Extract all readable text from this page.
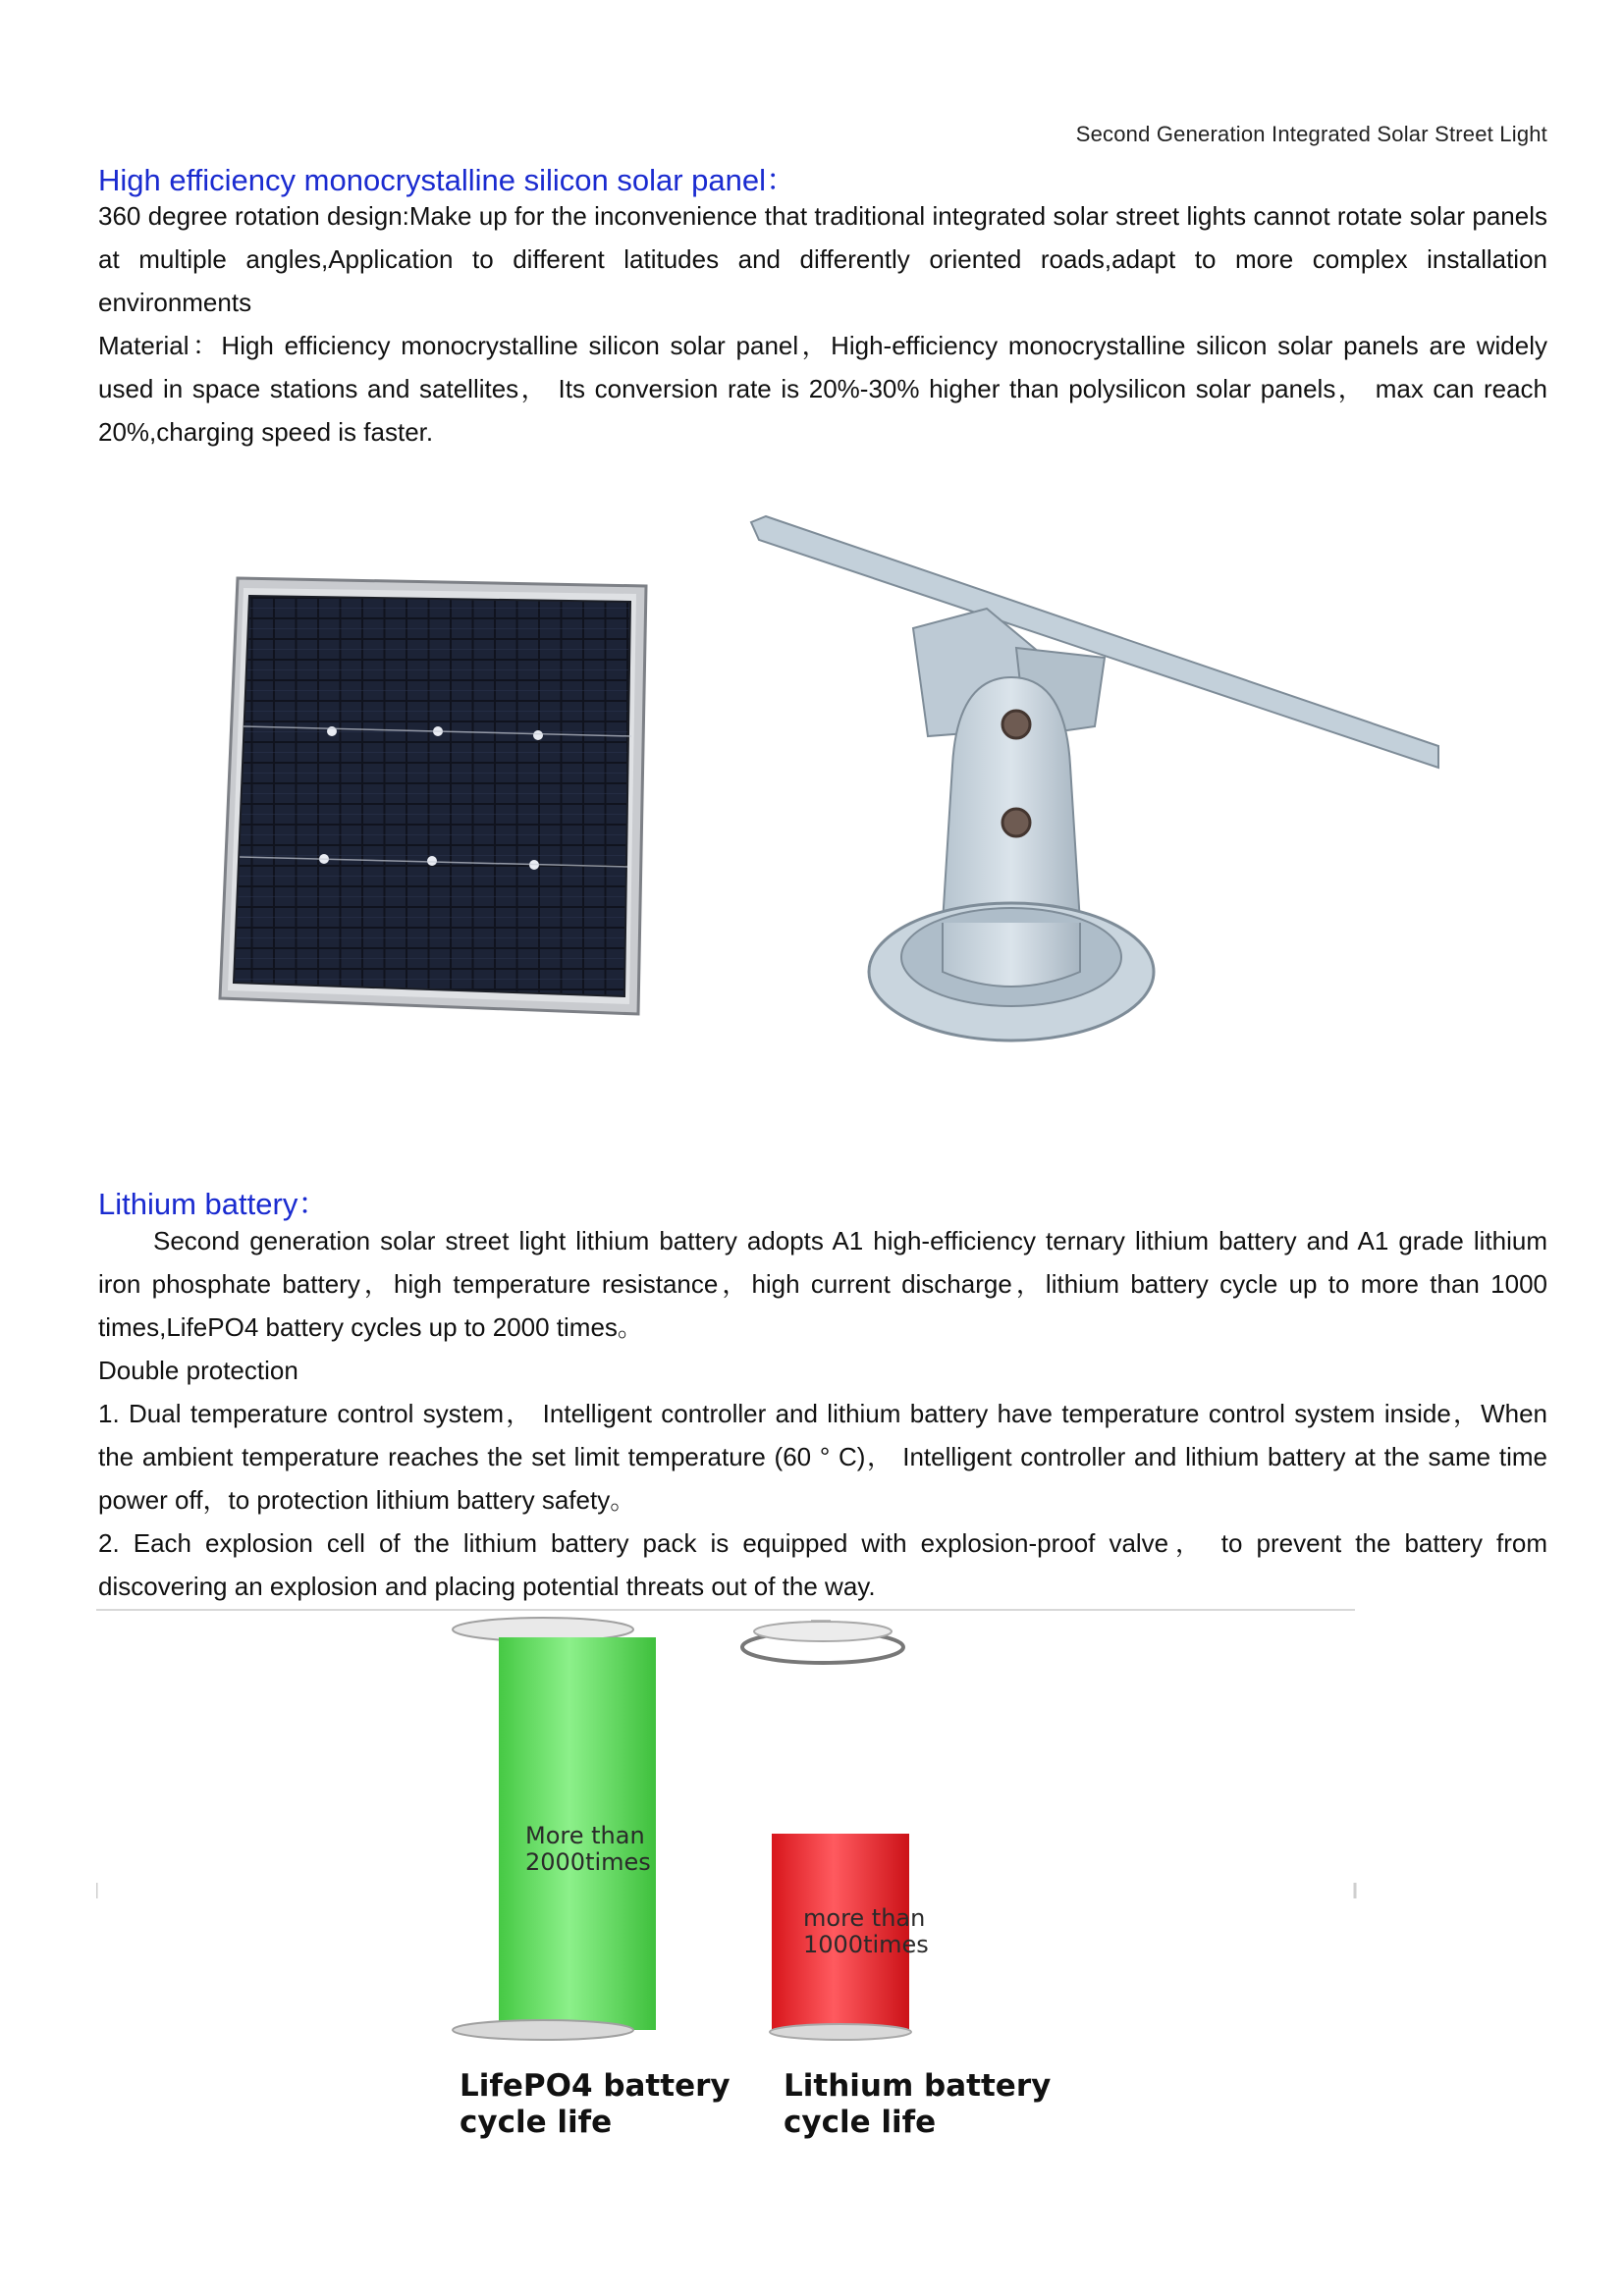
Second Generation Integrated Solar Street Light
High efficiency monocrystalline silicon solar panel：

360 degree rotation design:Make up for the inconvenience that traditional integrated solar street lights cannot rotate solar panels at multiple angles,Application to different latitudes and differently oriented roads,adapt to more complex installation environments

Material：High efficiency monocrystalline silicon solar panel，High-efficiency monocrystalline silicon solar panels are widely used in space stations and satellites， Its conversion rate is 20%-30% higher than polysilicon solar panels， max can reach 20%,charging speed is faster.

Lithium battery：

Second generation solar street light lithium battery adopts A1 high-efficiency ternary lithium battery and A1 grade lithium iron phosphate battery，high temperature resistance，high current discharge，lithium battery cycle up to more than 1000 times,LifePO4 battery cycles up to 2000 times。

Double protection

1. Dual temperature control system， Intelligent controller and lithium battery have temperature control system inside，When the ambient temperature reaches the set limit temperature (60 ° C)， Intelligent controller and lithium battery at the same time power off，to protection lithium battery safety。

2. Each explosion cell of the lithium battery pack is equipped with explosion-proof valve， to prevent the battery from discovering an explosion and placing potential threats out of the way.

More than
2000times
more than
1000times
LifePO4 battery
cycle life
Lithium battery
cycle life
